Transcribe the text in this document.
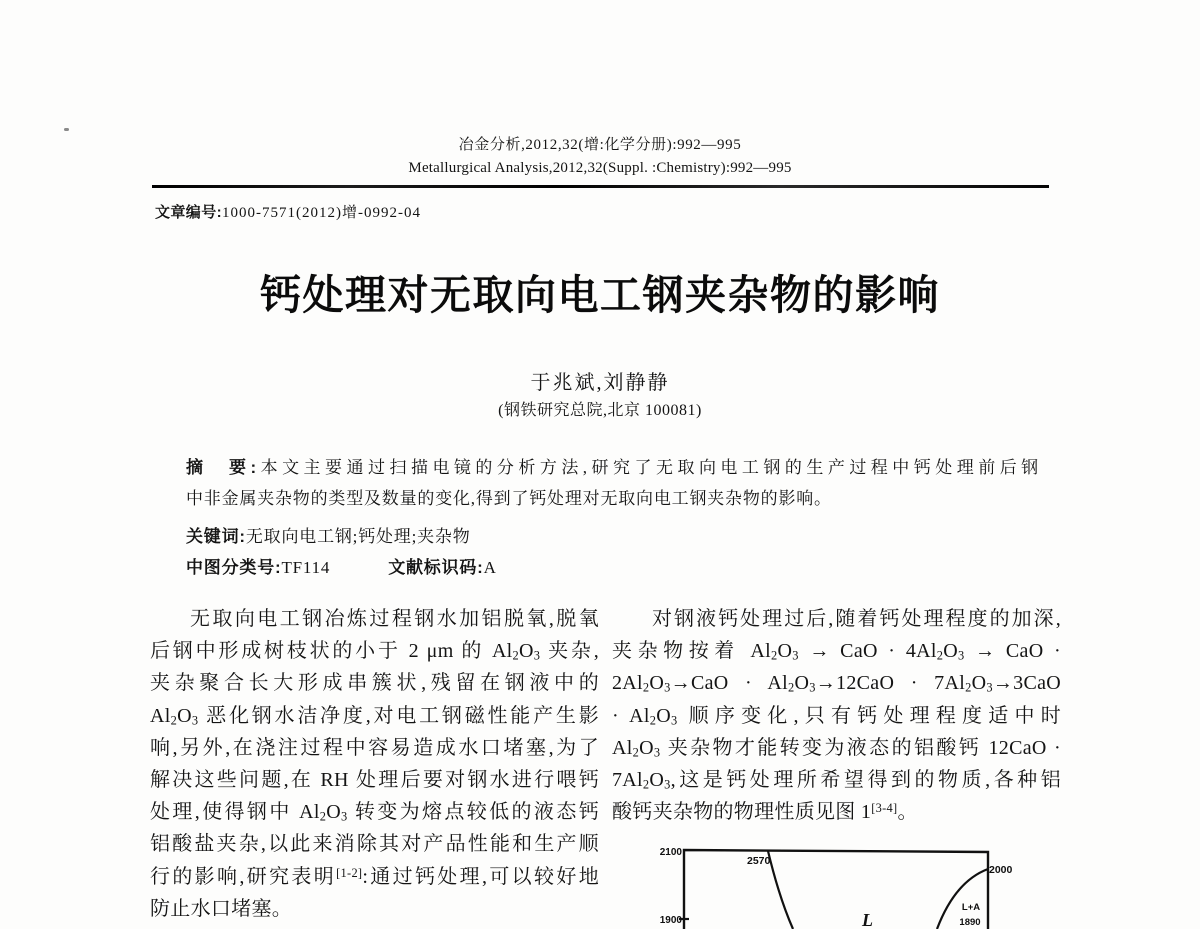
冶金分析,2012,32(增:化学分册):992—995
Metallurgical Analysis,2012,32(Suppl. :Chemistry):992—995
文章编号:1000-7571(2012)增-0992-04
钙处理对无取向电工钢夹杂物的影响
于兆斌,刘静静
(钢铁研究总院,北京 100081)
摘　要:本文主要通过扫描电镜的分析方法,研究了无取向电工钢的生产过程中钙处理前后钢
中非金属夹杂物的类型及数量的变化,得到了钙处理对无取向电工钢夹杂物的影响。
关键词:无取向电工钢;钙处理;夹杂物
中图分类号:TF114	文献标识码:A
无取向电工钢冶炼过程钢水加铝脱氧,脱氧
后钢中形成树枝状的小于 2 μm 的 $Al_2O_3$ 夹杂,
夹杂聚合长大形成串簇状,残留在钢液中的
$Al_2O_3$ 恶化钢水洁净度,对电工钢磁性能产生影
响,另外,在浇注过程中容易造成水口堵塞,为了
解决这些问题,在 RH 处理后要对钢水进行喂钙
处理,使得钢中 $Al_2O_3$ 转变为熔点较低的液态钙
铝酸盐夹杂,以此来消除其对产品性能和生产顺
行的影响,研究表明[1-2]:通过钙处理,可以较好地
防止水口堵塞。
对钢液钙处理过后,随着钙处理程度的加深,
夹杂物按着 $Al_2O_3$ → CaO · $4Al_2O_3$ → CaO ·
$2Al_2O_3\to CaO \cdot Al_2O_3\to 12CaO \cdot 7Al_2O_3\to 3CaO$
· $Al_2O_3$ 顺序变化,只有钙处理程度适中时
$Al_2O_3$ 夹杂物才能转变为液态的铝酸钙 12CaO ·
$7Al_2O_3$,这是钙处理所希望得到的物质,各种铝
酸钙夹杂物的物理性质见图 1[3-4]。
2100
1900
2570
L
L+A
1890
2000
